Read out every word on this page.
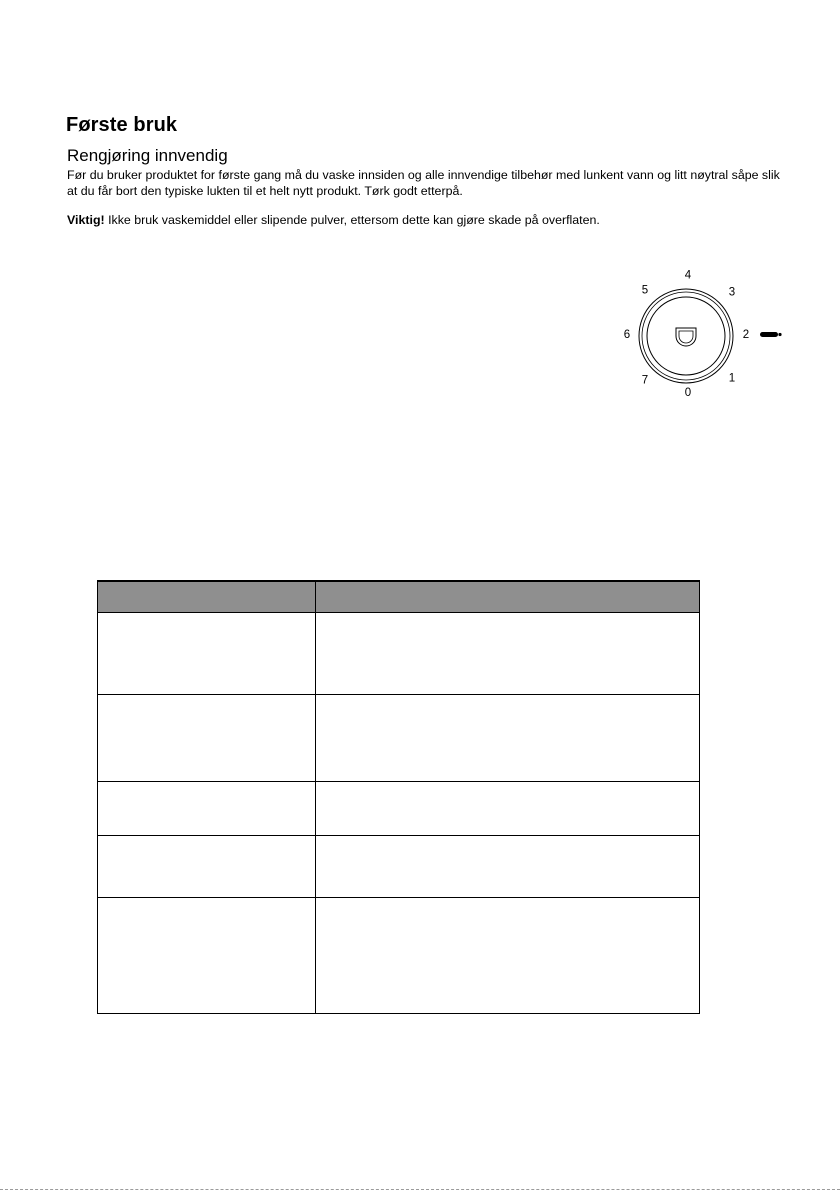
Første bruk
Rengjøring innvendig

Før du bruker produktet for første gang må du vaske innsiden og alle innvendige tilbehør med lunkent vann og litt nøytral såpe slik at du får bort den typiske lukten til et helt nytt produkt. Tørk godt etterpå.

Viktig! Ikke bruk vaskemiddel eller slipende pulver, ettersom dette kan gjøre skade på overflaten.

4
5	3
6	2
7	1
0
